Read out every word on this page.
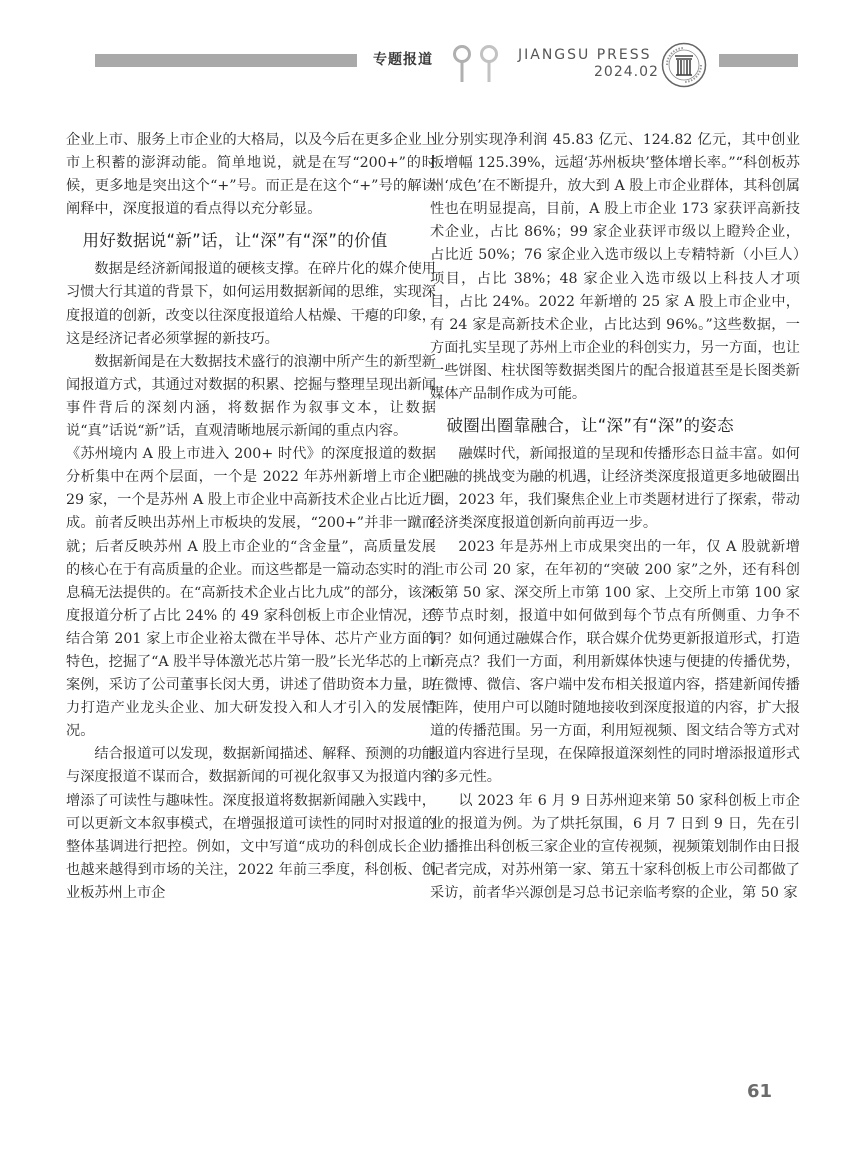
专题报道	JIANGSU PRESS
2024.02

企业上市、服务上市企业的大格局，以及今后在更多企业上市上积蓄的澎湃动能。简单地说，就是在写“200+”的时候，更多地是突出这个“+”号。而正是在这个“+”号的解读阐释中，深度报道的看点得以充分彰显。

用好数据说“新”话，让“深”有“深”的价值

数据是经济新闻报道的硬核支撑。在碎片化的媒介使用习惯大行其道的背景下，如何运用数据新闻的思维，实现深度报道的创新，改变以往深度报道给人枯燥、干瘪的印象，这是经济记者必须掌握的新技巧。

数据新闻是在大数据技术盛行的浪潮中所产生的新型新闻报道方式，其通过对数据的积累、挖掘与整理呈现出新闻事件背后的深刻内涵，将数据作为叙事文本，让数据说“真”话说“新”话，直观清晰地展示新闻的重点内容。

《苏州境内 A 股上市进入 200+ 时代》的深度报道的数据分析集中在两个层面，一个是 2022 年苏州新增上市企业 29 家，一个是苏州 A 股上市企业中高新技术企业占比近九成。前者反映出苏州上市板块的发展，“200+”并非一蹴而就；后者反映苏州 A 股上市企业的“含金量”，高质量发展的核心在于有高质量的企业。而这些都是一篇动态实时的消息稿无法提供的。在“高新技术企业占比九成”的部分，该深度报道分析了占比 24% 的 49 家科创板上市企业情况，还结合第 201 家上市企业裕太微在半导体、芯片产业方面的特色，挖掘了“A 股半导体激光芯片第一股”长光华芯的上市案例，采访了公司董事长闵大勇，讲述了借助资本力量，助力打造产业龙头企业、加大研发投入和人才引入的发展情况。

结合报道可以发现，数据新闻描述、解释、预测的功能与深度报道不谋而合，数据新闻的可视化叙事又为报道内容增添了可读性与趣味性。深度报道将数据新闻融入实践中，可以更新文本叙事模式，在增强报道可读性的同时对报道的整体基调进行把控。例如，文中写道“成功的科创成长企业也越来越得到市场的关注，2022 年前三季度，科创板、创业板苏州上市企

业分别实现净利润 45.83 亿元、124.82 亿元，其中创业板增幅 125.39%，远超‘苏州板块’整体增长率。”“科创板苏州‘成色’在不断提升，放大到 A 股上市企业群体，其科创属性也在明显提高，目前，A 股上市企业 173 家获评高新技术企业，占比 86%；99 家企业获评市级以上瞪羚企业，占比近 50%；76 家企业入选市级以上专精特新（小巨人）项目，占比 38%；48 家企业入选市级以上科技人才项目，占比 24%。2022 年新增的 25 家 A 股上市企业中，有 24 家是高新技术企业，占比达到 96%。”这些数据，一方面扎实呈现了苏州上市企业的科创实力，另一方面，也让一些饼图、柱状图等数据类图片的配合报道甚至是长图类新媒体产品制作成为可能。

破圈出圈靠融合，让“深”有“深”的姿态

融媒时代，新闻报道的呈现和传播形态日益丰富。如何把融的挑战变为融的机遇，让经济类深度报道更多地破圈出圈，2023 年，我们聚焦企业上市类题材进行了探索，带动经济类深度报道创新向前再迈一步。

2023 年是苏州上市成果突出的一年，仅 A 股就新增上市公司 20 家，在年初的“突破 200 家”之外，还有科创板第 50 家、深交所上市第 100 家、上交所上市第 100 家等节点时刻，报道中如何做到每个节点有所侧重、力争不同？如何通过融媒合作，联合媒介优势更新报道形式，打造新亮点？我们一方面，利用新媒体快速与便捷的传播优势，在微博、微信、客户端中发布相关报道内容，搭建新闻传播矩阵，使用户可以随时随地接收到深度报道的内容，扩大报道的传播范围。另一方面，利用短视频、图文结合等方式对报道内容进行呈现，在保障报道深刻性的同时增添报道形式的多元性。

以 2023 年 6 月 9 日苏州迎来第 50 家科创板上市企业的报道为例。为了烘托氛围，6 月 7 日到 9 日，先在引力播推出科创板三家企业的宣传视频，视频策划制作由日报记者完成，对苏州第一家、第五十家科创板上市公司都做了采访，前者华兴源创是习总书记亲临考察的企业，第 50 家

61
